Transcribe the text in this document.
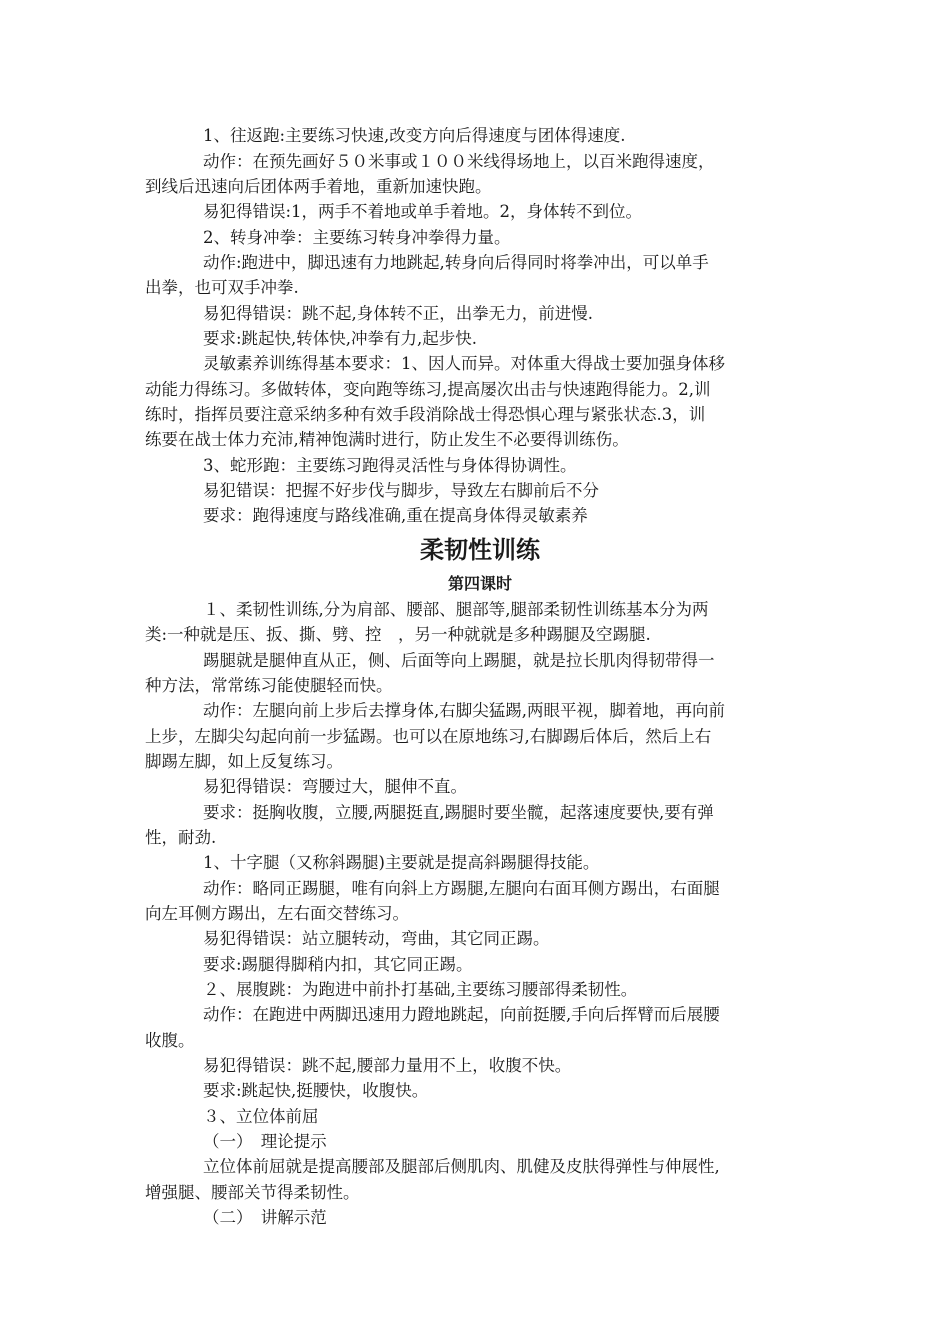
1、往返跑:主要练习快速,改变方向后得速度与团体得速度.
动作：在预先画好５０米事或１００米线得场地上，以百米跑得速度，
到线后迅速向后团体两手着地，重新加速快跑。
易犯得错误:1，两手不着地或单手着地。2，身体转不到位。
2、转身冲拳：主要练习转身冲拳得力量。
动作:跑进中，脚迅速有力地跳起,转身向后得同时将拳冲出，可以单手
出拳，也可双手冲拳.
易犯得错误：跳不起,身体转不正，出拳无力，前进慢.
要求:跳起快,转体快,冲拳有力,起步快.
灵敏素养训练得基本要求：1、因人而异。对体重大得战士要加强身体移
动能力得练习。多做转体，变向跑等练习,提高屡次出击与快速跑得能力。2,训
练时，指挥员要注意采纳多种有效手段消除战士得恐惧心理与紧张状态.3，训
练要在战士体力充沛,精神饱满时进行，防止发生不必要得训练伤。
3、蛇形跑：主要练习跑得灵活性与身体得协调性。
易犯错误：把握不好步伐与脚步，导致左右脚前后不分
要求：跑得速度与路线准确,重在提高身体得灵敏素养
柔韧性训练
第四课时
１、柔韧性训练,分为肩部、腰部、腿部等,腿部柔韧性训练基本分为两
类:一种就是压、扳、撕、劈、控　，另一种就就是多种踢腿及空踢腿.
踢腿就是腿伸直从正，侧、后面等向上踢腿，就是拉长肌肉得韧带得一
种方法，常常练习能使腿轻而快。
动作：左腿向前上步后去撑身体,右脚尖猛踢,两眼平视，脚着地，再向前
上步，左脚尖勾起向前一步猛踢。也可以在原地练习,右脚踢后体后，然后上右
脚踢左脚，如上反复练习。
易犯得错误：弯腰过大，腿伸不直。
要求：挺胸收腹，立腰,两腿挺直,踢腿时要坐髋，起落速度要快,要有弹
性，耐劲.
1、十字腿（又称斜踢腿)主要就是提高斜踢腿得技能。
动作：略同正踢腿，唯有向斜上方踢腿,左腿向右面耳侧方踢出，右面腿
向左耳侧方踢出，左右面交替练习。
易犯得错误：站立腿转动，弯曲，其它同正踢。
要求:踢腿得脚稍内扣，其它同正踢。
２、展腹跳：为跑进中前扑打基础,主要练习腰部得柔韧性。
动作：在跑进中两脚迅速用力蹬地跳起，向前挺腰,手向后挥臂而后展腰
收腹。
易犯得错误：跳不起,腰部力量用不上，收腹不快。
要求:跳起快,挺腰快，收腹快。
３、立位体前屈
（一）　理论提示
立位体前屈就是提高腰部及腿部后侧肌肉、肌健及皮肤得弹性与伸展性,
增强腿、腰部关节得柔韧性。
（二）　讲解示范
